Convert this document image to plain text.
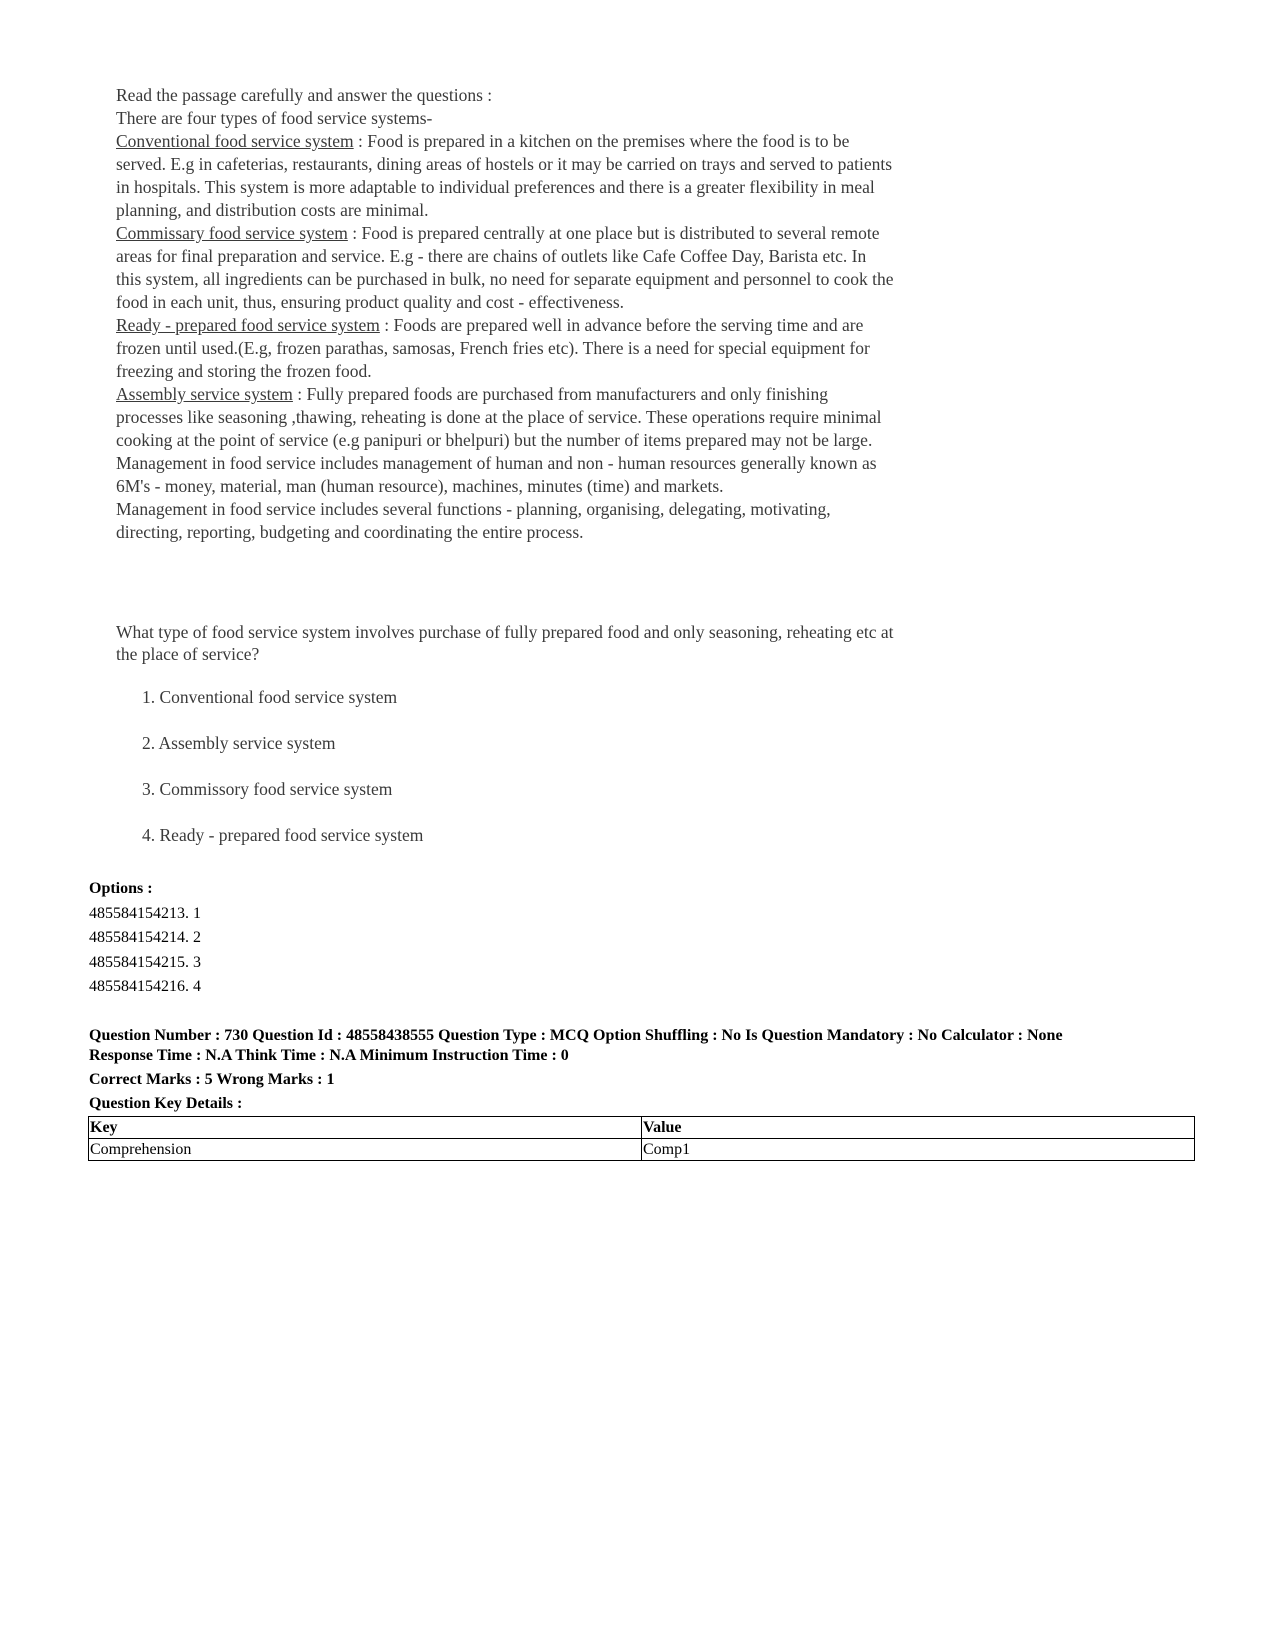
Read the passage carefully and answer the questions :

There are four types of food service systems-

Conventional food service system : Food is prepared in a kitchen on the premises where the food is to be

served. E.g in cafeterias, restaurants, dining areas of hostels or it may be carried on trays and served to patients

in hospitals. This system is more adaptable to individual preferences and there is a greater flexibility in meal

planning, and distribution costs are minimal.

Commissary food service system : Food is prepared centrally at one place but is distributed to several remote

areas for final preparation and service. E.g - there are chains of outlets like Cafe Coffee Day, Barista etc. In

this system, all ingredients can be purchased in bulk, no need for separate equipment and personnel to cook the

food in each unit, thus, ensuring product quality and cost - effectiveness.

Ready - prepared food service system : Foods are prepared well in advance before the serving time and are

frozen until used.(E.g, frozen parathas, samosas, French fries etc). There is a need for special equipment for

freezing and storing the frozen food.

Assembly service system : Fully prepared foods are purchased from manufacturers and only finishing

processes like seasoning ,thawing, reheating is done at the place of service. These operations require minimal

cooking at the point of service (e.g panipuri or bhelpuri) but the number of items prepared may not be large.

Management in food service includes management of human and non - human resources generally known as

6M's - money, material, man (human resource), machines, minutes (time) and markets.

Management in food service includes several functions - planning, organising, delegating, motivating,

directing, reporting, budgeting and coordinating the entire process.

What type of food service system involves purchase of fully prepared food and only seasoning, reheating etc at

the place of service?

1. Conventional food service system
2. Assembly service system
3. Commissory food service system
4. Ready - prepared food service system
Options :
485584154213. 1
485584154214. 2
485584154215. 3
485584154216. 4

Question Number : 730 Question Id : 48558438555 Question Type : MCQ Option Shuffling : No Is Question Mandatory : No Calculator : None

Response Time : N.A Think Time : N.A Minimum Instruction Time : 0

Correct Marks : 5 Wrong Marks : 1

Question Key Details :

Key	Value
Comprehension	Comp1
